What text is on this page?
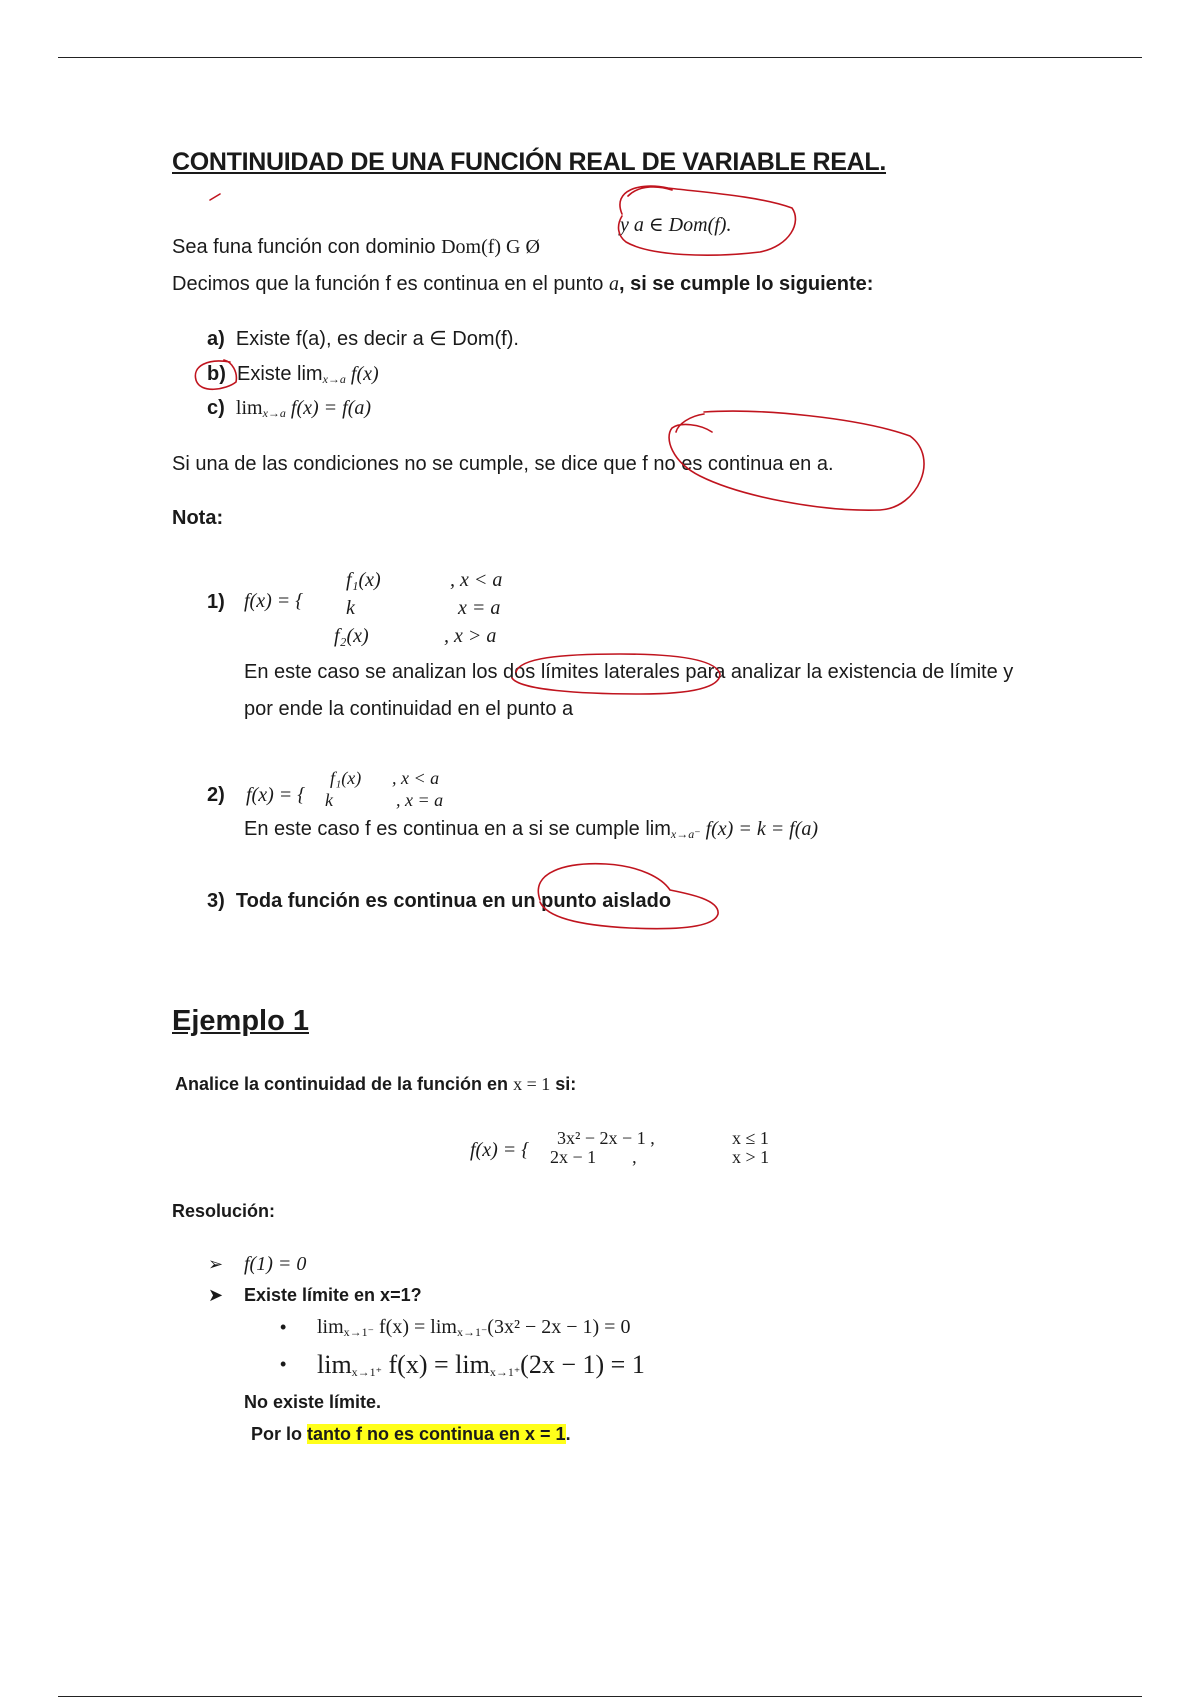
CONTINUIDAD DE UNA FUNCIÓN REAL DE VARIABLE REAL.
Sea funa función con dominio Dom(f) G Ø
y a ∈ Dom(f).
Decimos que la función f es continua en el punto a, si se cumple lo siguiente:
a) Existe f(a), es decir a ∈ Dom(f).
b) Existe $\lim_{x\to a} f(x)$
c) $\lim_{x\to a} f(x) = f(a)$
Si una de las condiciones no se cumple, se dice que f no es continua en a.
Nota:
1) f(x) = {
f₁(x)	, x < a
k	x = a
f₂(x)	, x > a
En este caso se analizan los dos límites laterales para analizar la existencia de límite y
por ende la continuidad en el punto a
2) f(x) = {
f₁(x) , x < a
k	, x = a
En este caso f es continua en a si se cumple $\lim_{x\to a^-} f(x) = k = f(a)$
3) Toda función es continua en un punto aislado
Ejemplo 1
Analice la continuidad de la función en x = 1 si:
f(x) = {
3x² − 2x − 1 ,	x ≤ 1
2x − 1        ,	x > 1
Resolución:
➢ f(1) = 0
➤ Existe límite en x=1?
• $\lim_{x\to 1^-} f(x) = \lim_{x\to 1^-}(3x^2 - 2x - 1) = 0$
• $\lim_{x\to 1^+} f(x) = \lim_{x\to 1^+}(2x - 1) = 1$
No existe límite.
Por lo tanto f no es continua en x = 1.
